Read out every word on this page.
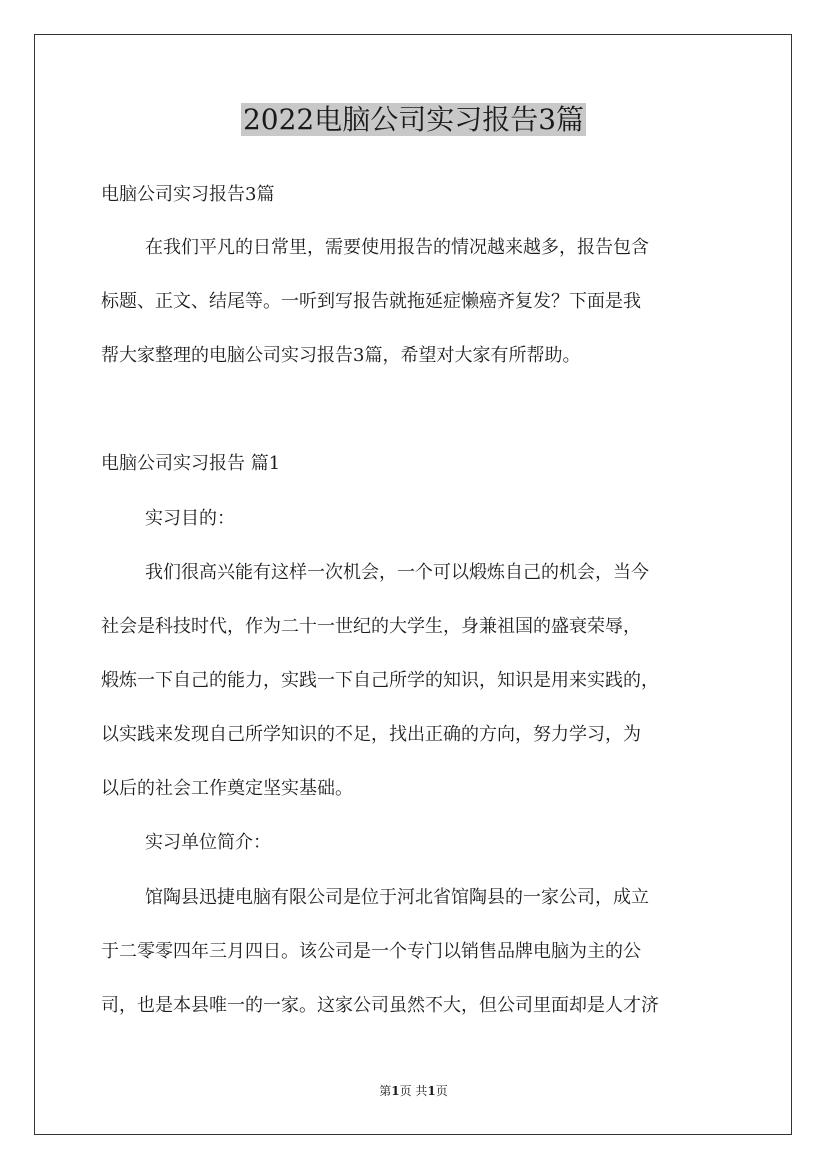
2022电脑公司实习报告3篇
电脑公司实习报告3篇
在我们平凡的日常里，需要使用报告的情况越来越多，报告包含
标题、正文、结尾等。一听到写报告就拖延症懒癌齐复发？下面是我
帮大家整理的电脑公司实习报告3篇，希望对大家有所帮助。
电脑公司实习报告 篇1
实习目的：
我们很高兴能有这样一次机会，一个可以煅炼自己的机会，当今
社会是科技时代，作为二十一世纪的大学生，身兼祖国的盛衰荣辱，
煅炼一下自己的能力，实践一下自己所学的知识，知识是用来实践的，
以实践来发现自己所学知识的不足，找出正确的方向，努力学习，为
以后的社会工作奠定坚实基础。
实习单位简介：
馆陶县迅捷电脑有限公司是位于河北省馆陶县的一家公司，成立
于二零零四年三月四日。该公司是一个专门以销售品牌电脑为主的公
司，也是本县唯一的一家。这家公司虽然不大，但公司里面却是人才济
第1页 共1页
